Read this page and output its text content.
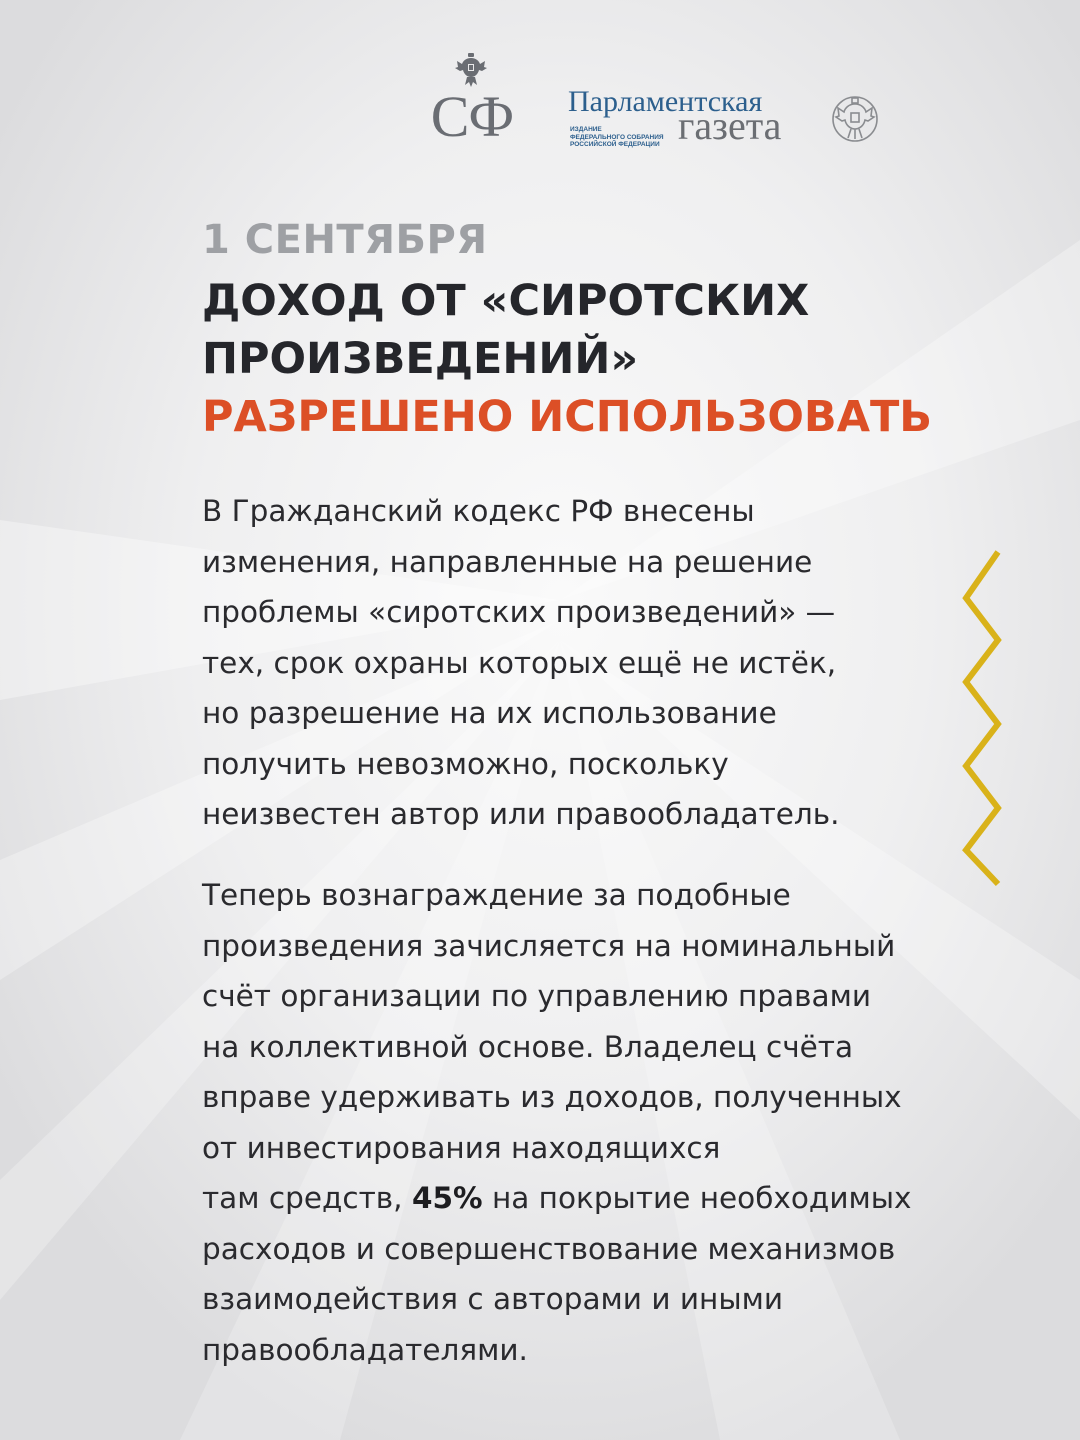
СФ	Парламентская
газета
ИЗДАНИЕ
ФЕДЕРАЛЬНОГО СОБРАНИЯ
РОССИЙСКОЙ ФЕДЕРАЦИИ

1 СЕНТЯБРЯ

ДОХОД ОТ «СИРОТСКИХ
ПРОИЗВЕДЕНИЙ»
РАЗРЕШЕНО ИСПОЛЬЗОВАТЬ
В Гражданский кодекс РФ внесены
изменения, направленные на решение
проблемы «сиротских произведений» —
тех, срок охраны которых ещё не истёк,
но разрешение на их использование
получить невозможно, поскольку
неизвестен автор или правообладатель.
Теперь вознаграждение за подобные
произведения зачисляется на номинальный
счёт организации по управлению правами
на коллективной основе. Владелец счёта
вправе удерживать из доходов, полученных
от инвестирования находящихся
там средств, 45% на покрытие необходимых
расходов и совершенствование механизмов
взаимодействия с авторами и иными
правообладателями.
